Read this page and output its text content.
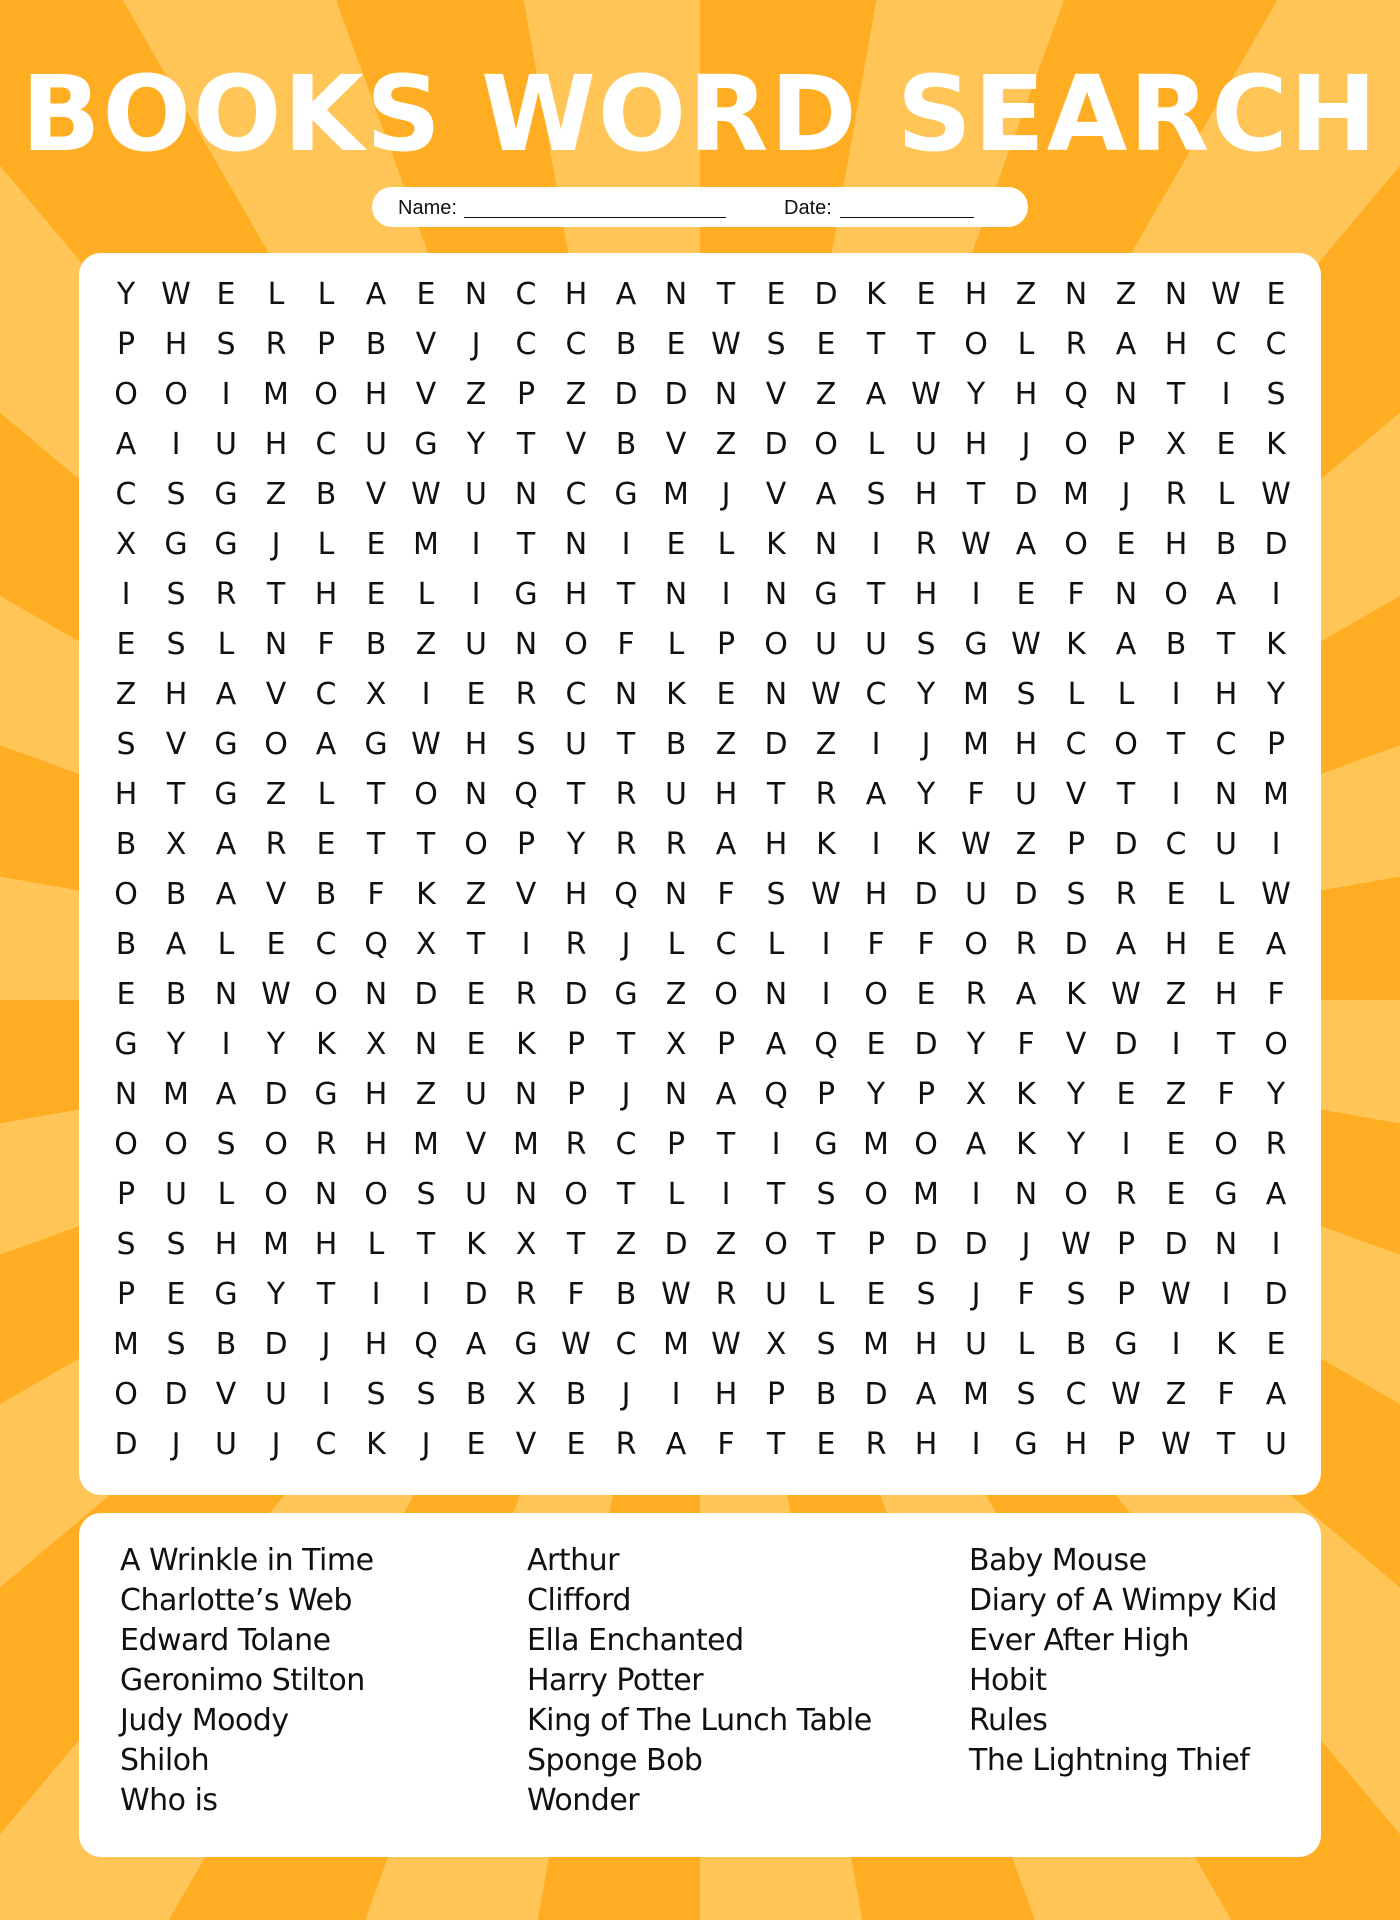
BOOKS WORD SEARCH
Name:	Date:
Y W E	L	L	A	E N C H A N T	E D K	E H Z N Z N W E
P H S	R	P	B V	J	C C B	E W S	E	T	T O L	R A H C C
O O	I	M O H V Z	P	Z D D N V Z A W Y H Q N T	I	S
A	I	U H C U G Y	T	V B V Z D O L	U H	J	O P	X	E	K
C	S G Z B V W U N C G M	J	V A	S H T D M	J	R	L W
X G G	J	L	E M	I	T N	I	E	L	K N	I	R W A O E H B D
I	S	R	T H E	L	I	G H T N	I	N G T H	I	E	F	N O A	I
E	S	L	N	F	B Z U N O F	L	P O U U S G W K A B	T	K
Z H A V C X	I	E	R C N K	E N W C	Y M S	L	L	I	H Y
S	V G O A G W H S U T	B Z D Z	I	J	M H C O T	C	P
H T G Z	L	T O N Q T	R U H T	R A	Y	F	U V	T	I	N M
B X A R	E	T	T O P	Y	R R A H K	I	K W Z	P D C U	I
O B A V B	F	K Z V H Q N	F	S W H D U D S	R	E	L W
B A	L	E	C Q X	T	I	R	J	L	C	L	I	F	F O R D A H E	A
E	B N W O N D E	R D G Z O N	I	O E	R A K W Z H	F
G Y	I	Y	K X N E	K	P	T	X	P	A Q E D Y	F	V D	I	T O
N M A D G H Z U N P	J	N A Q P	Y	P	X K	Y	E	Z	F	Y
O O S O R H M V M R C	P	T	I	G M O A K	Y	I	E O R
P U	L O N O S U N O T	L	I	T	S O M	I	N O R	E G A
S	S H M H	L	T	K X	T	Z D Z O T	P D D	J	W P D N	I
P	E G Y	T	I	I	D R	F	B W R U	L	E	S	J	F	S	P W	I	D
M S	B D	J	H Q A G W C M W X	S M H U	L	B G	I	K	E
O D V U	I	S	S	B X B	J	I	H P	B D A M S	C W Z	F	A
D	J	U	J	C K	J	E	V	E	R A	F	T	E	R H	I	G H P W T U
A Wrinkle in Time
Charlotte’s Web
Edward Tolane
Geronimo Stilton
Judy Moody
Shiloh
Who is
Arthur
Clifford
Ella Enchanted
Harry Potter
King of The Lunch Table
Sponge Bob
Wonder
Baby Mouse
Diary of A Wimpy Kid
Ever After High
Hobit
Rules
The Lightning Thief
